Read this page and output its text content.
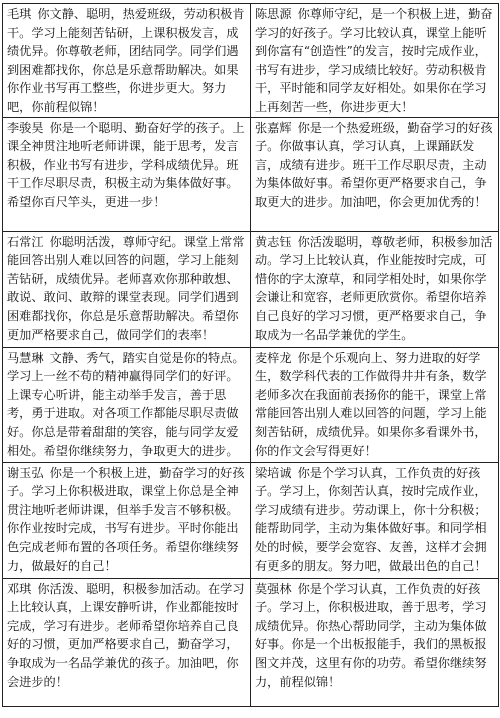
毛琪 你文静、聪明，热爱班级，劳动积极肯干。学习上能刻苦钻研，上课积极发言，成绩优异。你尊敬老师，团结同学。同学们遇到困难都找你，你总是乐意帮助解决。如果你作业书写再工整些，你进步更大。努力吧，你前程似锦！	陈思源 你尊师守纪，是一个积极上进，勤奋学习的好孩子。学习比较认真，课堂上能听到你富有“创造性”的发言，按时完成作业，书写有进步，学习成绩比较好。劳动积极肯干，平时能和同学友好相处。如果你在学习上再刻苦一些，你进步更大！
李骏昊 你是一个聪明、勤奋好学的孩子。上课全神贯注地听老师讲课，能于思考，发言积极，作业书写有进步，学科成绩优异。班干工作尽职尽责，积极主动为集体做好事。希望你百尺竿头，更进一步！	张嘉辉 你是一个热爱班级，勤奋学习的好孩子。你做事认真，学习认真，上课踊跃发言，成绩有进步。班干工作尽职尽责，主动为集体做好事。希望你更严格要求自己，争取更大的进步。加油吧，你会更加优秀的！
石常江 你聪明活泼，尊师守纪。课堂上常常能回答出别人难以回答的问题，学习上能刻苦钻研，成绩优异。老师喜欢你那种敢想、敢说、敢问、敢辩的课堂表现。同学们遇到困难都找你，你总是乐意帮助解决。希望你更加严格要求自己，做同学们的表率！	黄志钰 你活泼聪明，尊敬老师，积极参加活动。学习上比较认真，作业能按时完成，可惜你的字太潦草，和同学相处时，如果你学会谦让和宽容，老师更欣赏你。希望你培养自己良好的学习习惯，更严格要求自己，争取成为一名品学兼优的学生。
马慧琳 文静、秀气，踏实自觉是你的特点。学习上一丝不苟的精神赢得同学们的好评。上课专心听讲，能主动举手发言，善于思考，勇于进取。对各项工作都能尽职尽责做好。你总是带着甜甜的笑容，能与同学友爱相处。希望你继续努力，争取更大的进步。	麦梓龙 你是个乐观向上、努力进取的好学生，数学科代表的工作做得井井有条，数学老师多次在我面前表扬你的能干，课堂上常常能回答出别人难以回答的问题，学习上能刻苦钻研，成绩优异。如果你多看课外书，你的作文会写得更好！
谢玉弘 你是一个积极上进，勤奋学习的好孩子。学习上你积极进取，课堂上你总是全神贯注地听老师讲课，但举手发言不够积极。你作业按时完成，书写有进步。平时你能出色完成老师布置的各项任务。希望你继续努力，做最好的自己！	梁培诚 你是个学习认真，工作负责的好孩子。学习上，你刻苦认真，按时完成作业，学习成绩有进步。劳动课上，你十分积极；能帮助同学，主动为集体做好事。和同学相处的时候，要学会宽容、友善，这样才会拥有更多的朋友。努力吧，做最出色的自己！
邓琪 你活泼、聪明，积极参加活动。在学习上比较认真，上课安静听讲，作业都能按时完成，学习有进步。老师希望你培养自己良好的习惯，更加严格要求自己，勤奋学习，争取成为一名品学兼优的孩子。加油吧，你会进步的！	莫强林 你是个学习认真，工作负责的好孩子。学习上，你积极进取，善于思考，学习成绩优异。你热心帮助同学，主动为集体做好事。你是一个出板报能手，我们的黑板报图文并茂，这里有你的功劳。希望你继续努力，前程似锦！
